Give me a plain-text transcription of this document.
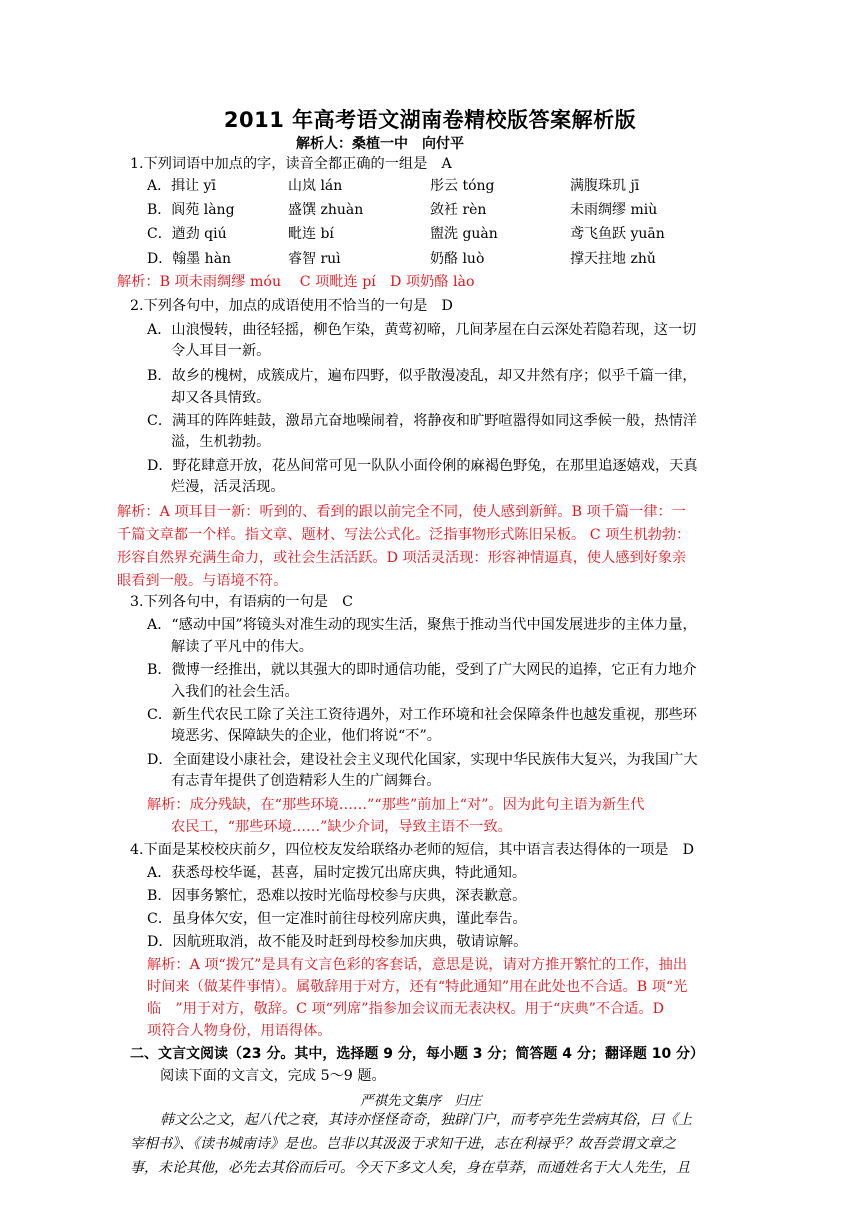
2011 年高考语文湖南卷精校版答案解析版
解析人：桑植一中　向付平
1.下列词语中加点的字，读音全都正确的一组是　A
A．揖让 yī	山岚 lán	彤云 tóng	满腹珠玑 jī
B．阆苑 làng	盛馔 zhuàn	敛衽 rèn	未雨绸缪 miù
C．遒劲 qiú	毗连 bí	盥洗 guàn	鸢飞鱼跃 yuān
D．翰墨 hàn	睿智 ruì	奶酪 luò	撑天拄地 zhǔ
解析：B 项未雨绸缪 móu　 C 项毗连 pí　D 项奶酪 lào
2.下列各句中，加点的成语使用不恰当的一句是　D
A．山浪慢转，曲径轻摇，柳色乍染，黄莺初啼，几间茅屋在白云深处若隐若现，这一切
令人耳目一新。
B．故乡的槐树，成簇成片，遍布四野，似乎散漫凌乱，却又井然有序；似乎千篇一律，
却又各具情致。
C．满耳的阵阵蛙鼓，激昂亢奋地噪闹着，将静夜和旷野喧嚣得如同这季候一般，热情洋
溢，生机勃勃。
D．野花肆意开放，花丛间常可见一队队小面伶俐的麻褐色野兔，在那里追逐嬉戏，天真
烂漫，活灵活现。
解析：A 项耳目一新：听到的、看到的跟以前完全不同，使人感到新鲜。B 项千篇一律：一
千篇文章都一个样。指文章、题材、写法公式化。泛指事物形式陈旧呆板。 C 项生机勃勃：
形容自然界充满生命力，或社会生活活跃。D 项活灵活现：形容神情逼真，使人感到好象亲
眼看到一般。与语境不符。
3.下列各句中，有语病的一句是　C
A．“感动中国”将镜头对准生动的现实生活，聚焦于推动当代中国发展进步的主体力量，
解读了平凡中的伟大。
B．微博一经推出，就以其强大的即时通信功能，受到了广大网民的追捧，它正有力地介
入我们的社会生活。
C．新生代农民工除了关注工资待遇外，对工作环境和社会保障条件也越发重视，那些环
境恶劣、保障缺失的企业，他们将说“不”。
D．全面建设小康社会，建设社会主义现代化国家，实现中华民族伟大复兴，为我国广大
有志青年提供了创造精彩人生的广阔舞台。
解析：成分残缺，在“那些环境……”“那些”前加上“对”。因为此句主语为新生代
农民工，“那些环境……”缺少介词，导致主语不一致。
4.下面是某校校庆前夕，四位校友发给联络办老师的短信，其中语言表达得体的一项是　D
A．获悉母校华诞，甚喜，届时定拨冗出席庆典，特此通知。
B．因事务繁忙，恐难以按时光临母校参与庆典，深表歉意。
C．虽身体欠安，但一定准时前往母校列席庆典，谨此奉告。
D．因航班取消，故不能及时赶到母校参加庆典，敬请谅解。
解析：A 项“拨冗”是具有文言色彩的客套话，意思是说，请对方推开繁忙的工作，抽出
时间来（做某件事情）。属敬辞用于对方，还有“特此通知”用在此处也不合适。B 项“光
临　”用于对方，敬辞。C 项“列席”指参加会议而无表决权。用于“庆典”不合适。D
项符合人物身份，用语得体。
二、文言文阅读（23 分。其中，选择题 9 分，每小题 3 分；简答题 4 分；翻译题 10 分）
阅读下面的文言文，完成 5～9 题。
严祺先文集序　归庄
韩文公之文，起八代之衰，其诗亦怪怪奇奇，独辟门户，而考亭先生尝病其俗，曰《上
宰相书》、《读书城南诗》是也。岂非以其汲汲于求知干进，志在利禄乎？故吾尝谓文章之
事，未论其他，必先去其俗而后可。今天下多文人矣，身在草莽，而通姓名于大人先生，且
